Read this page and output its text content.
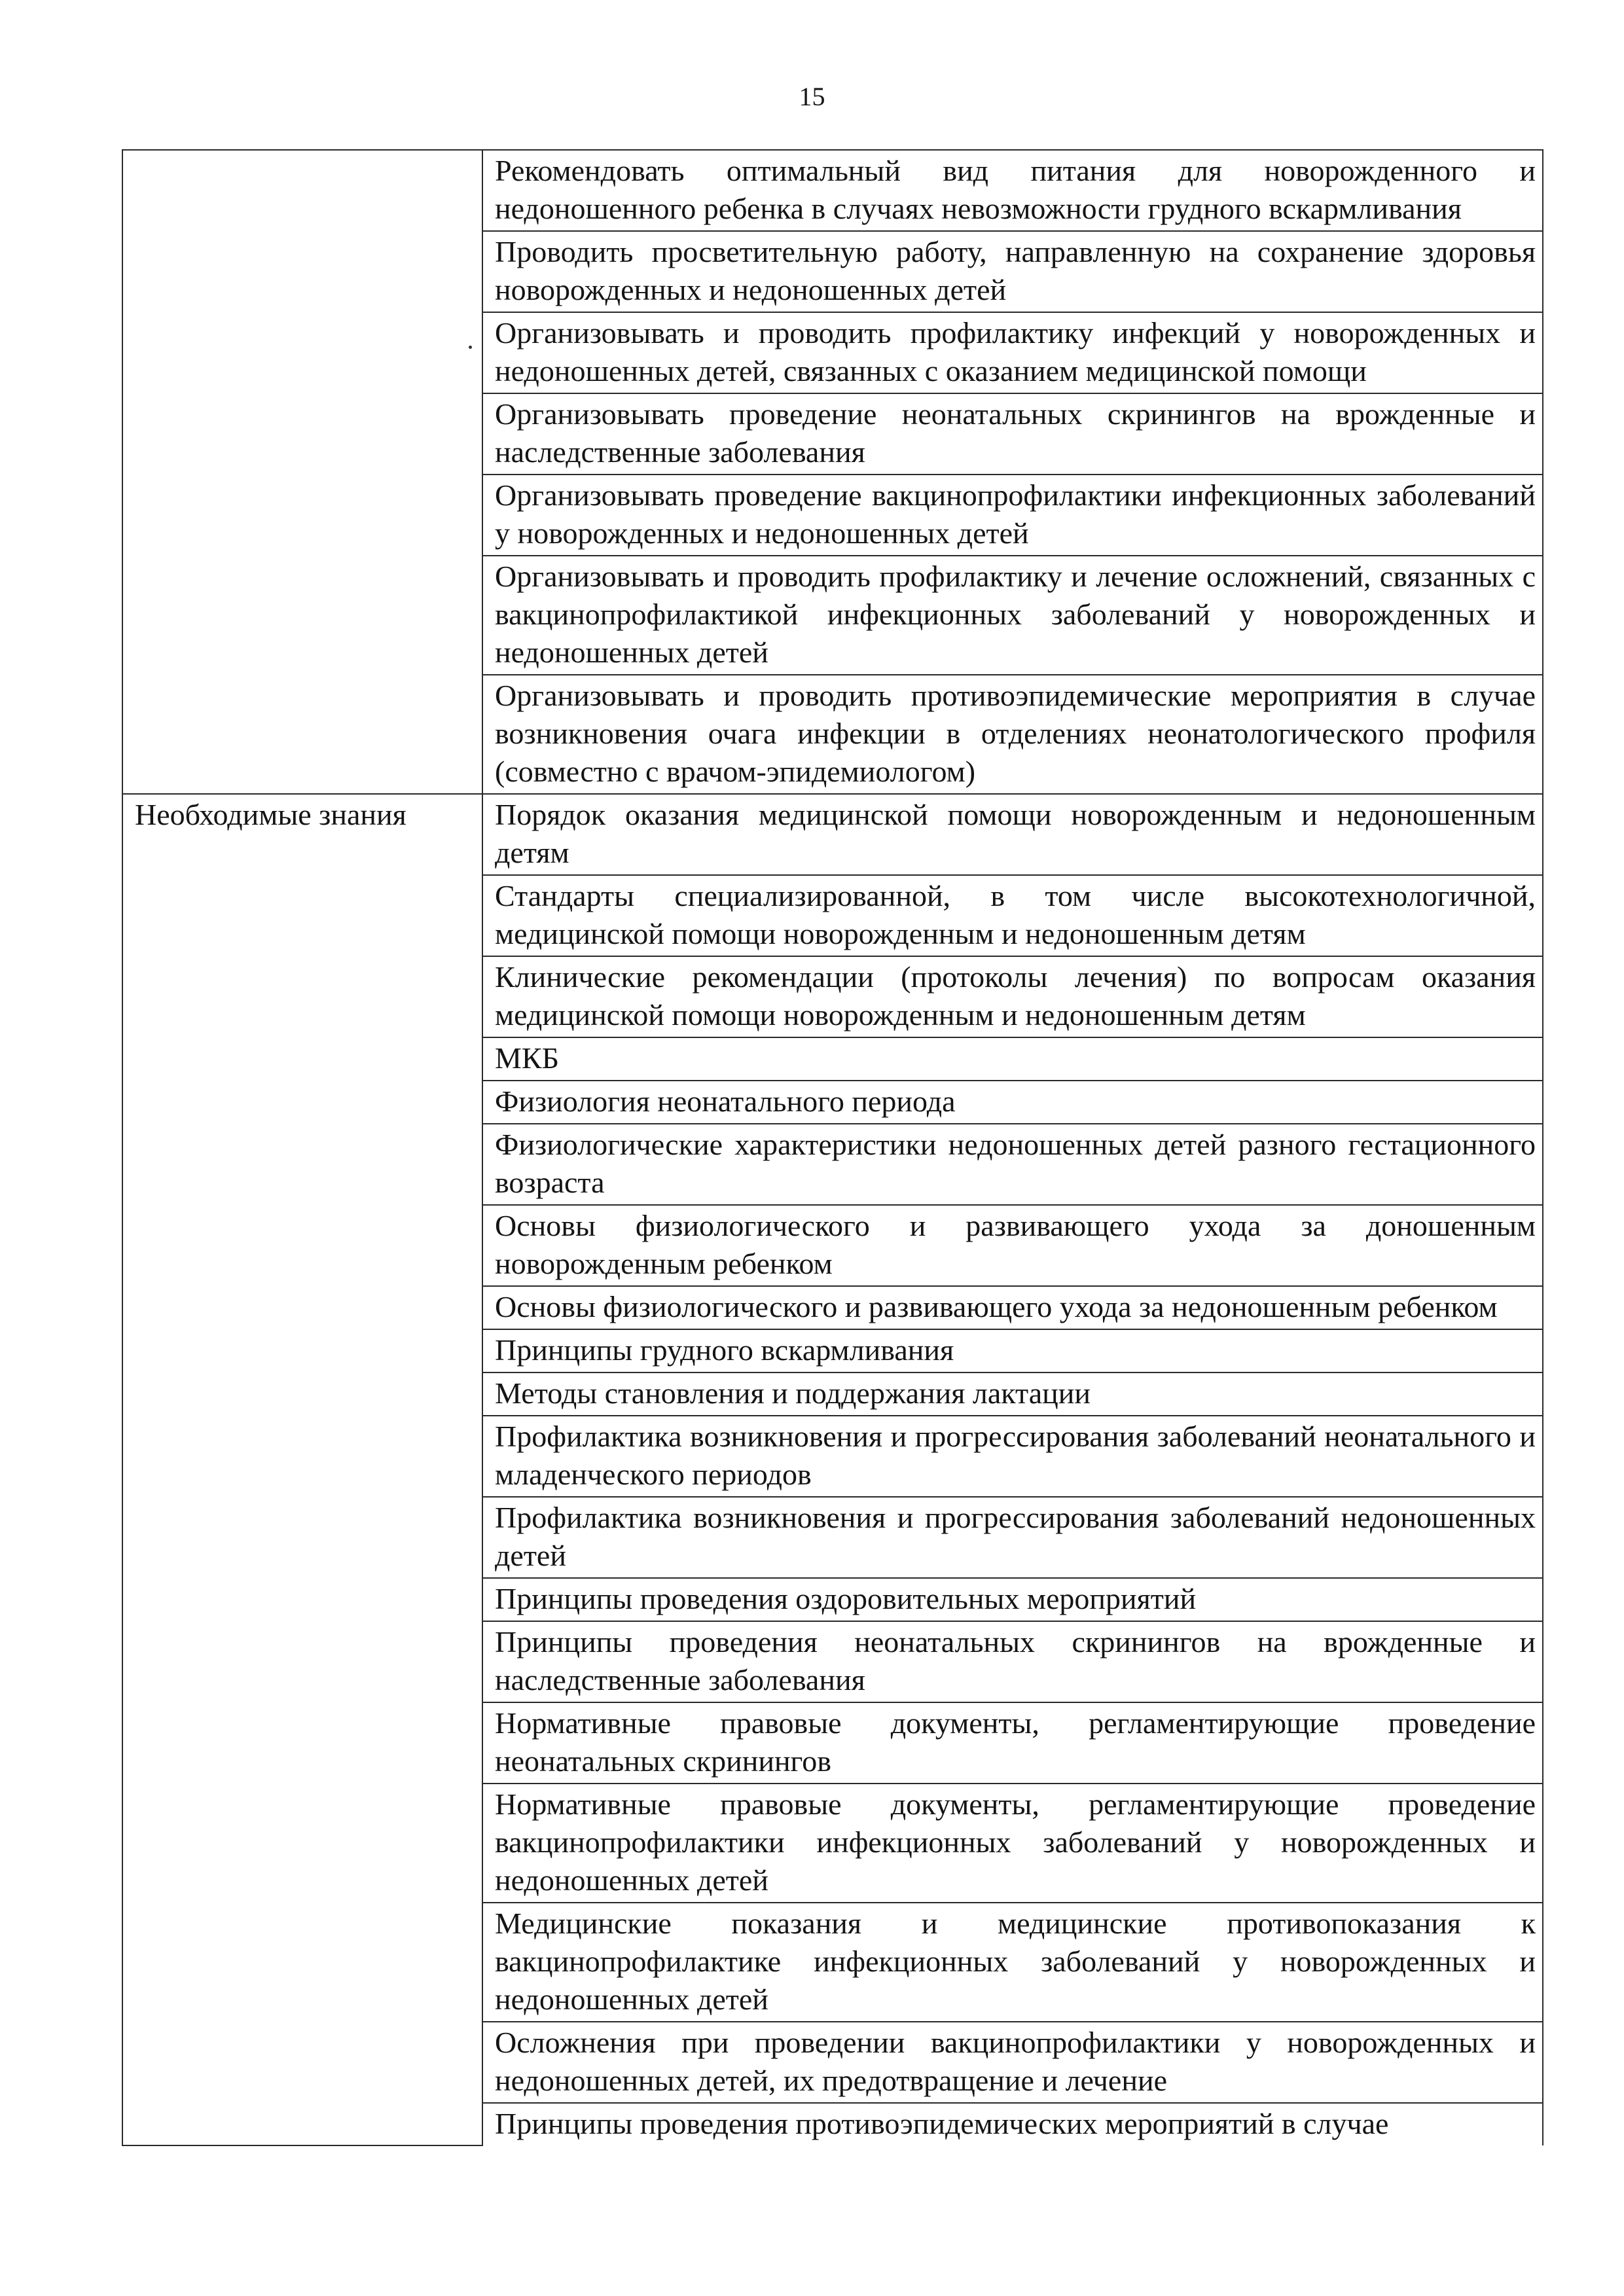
15
	Рекомендовать оптимальный вид питания для новорожденного и недоношенного ребенка в случаях невозможности грудного вскармливания
	Проводить просветительную работу, направленную на сохранение здоровья новорожденных и недоношенных детей
	Организовывать и проводить профилактику инфекций у новорожденных и недоношенных детей, связанных с оказанием медицинской помощи
	Организовывать проведение неонатальных скринингов на врожденные и наследственные заболевания
	Организовывать проведение вакцинопрофилактики инфекционных заболеваний у новорожденных и недоношенных детей
	Организовывать и проводить профилактику и лечение осложнений, связанных с вакцинопрофилактикой инфекционных заболеваний у новорожденных и недоношенных детей
	Организовывать и проводить противоэпидемические мероприятия в случае возникновения очага инфекции в отделениях неонатологического профиля (совместно с врачом-эпидемиологом)
Необходимые знания	Порядок оказания медицинской помощи новорожденным и недоношенным детям
	Стандарты специализированной, в том числе высокотехнологичной, медицинской помощи новорожденным и недоношенным детям
	Клинические рекомендации (протоколы лечения) по вопросам оказания медицинской помощи новорожденным и недоношенным детям
	МКБ
	Физиология неонатального периода
	Физиологические характеристики недоношенных детей разного гестационного возраста
	Основы физиологического и развивающего ухода за доношенным новорожденным ребенком
	Основы физиологического и развивающего ухода за недоношенным ребенком
	Принципы грудного вскармливания
	Методы становления и поддержания лактации
	Профилактика возникновения и прогрессирования заболеваний неонатального и младенческого периодов
	Профилактика возникновения и прогрессирования заболеваний недоношенных детей
	Принципы проведения оздоровительных мероприятий
	Принципы проведения неонатальных скринингов на врожденные и наследственные заболевания
	Нормативные правовые документы, регламентирующие проведение неонатальных скринингов
	Нормативные правовые документы, регламентирующие проведение вакцинопрофилактики инфекционных заболеваний у новорожденных и недоношенных детей
	Медицинские показания и медицинские противопоказания к вакцинопрофилактике инфекционных заболеваний у новорожденных и недоношенных детей
	Осложнения при проведении вакцинопрофилактики у новорожденных и недоношенных детей, их предотвращение и лечение
	Принципы проведения противоэпидемических мероприятий в случае
